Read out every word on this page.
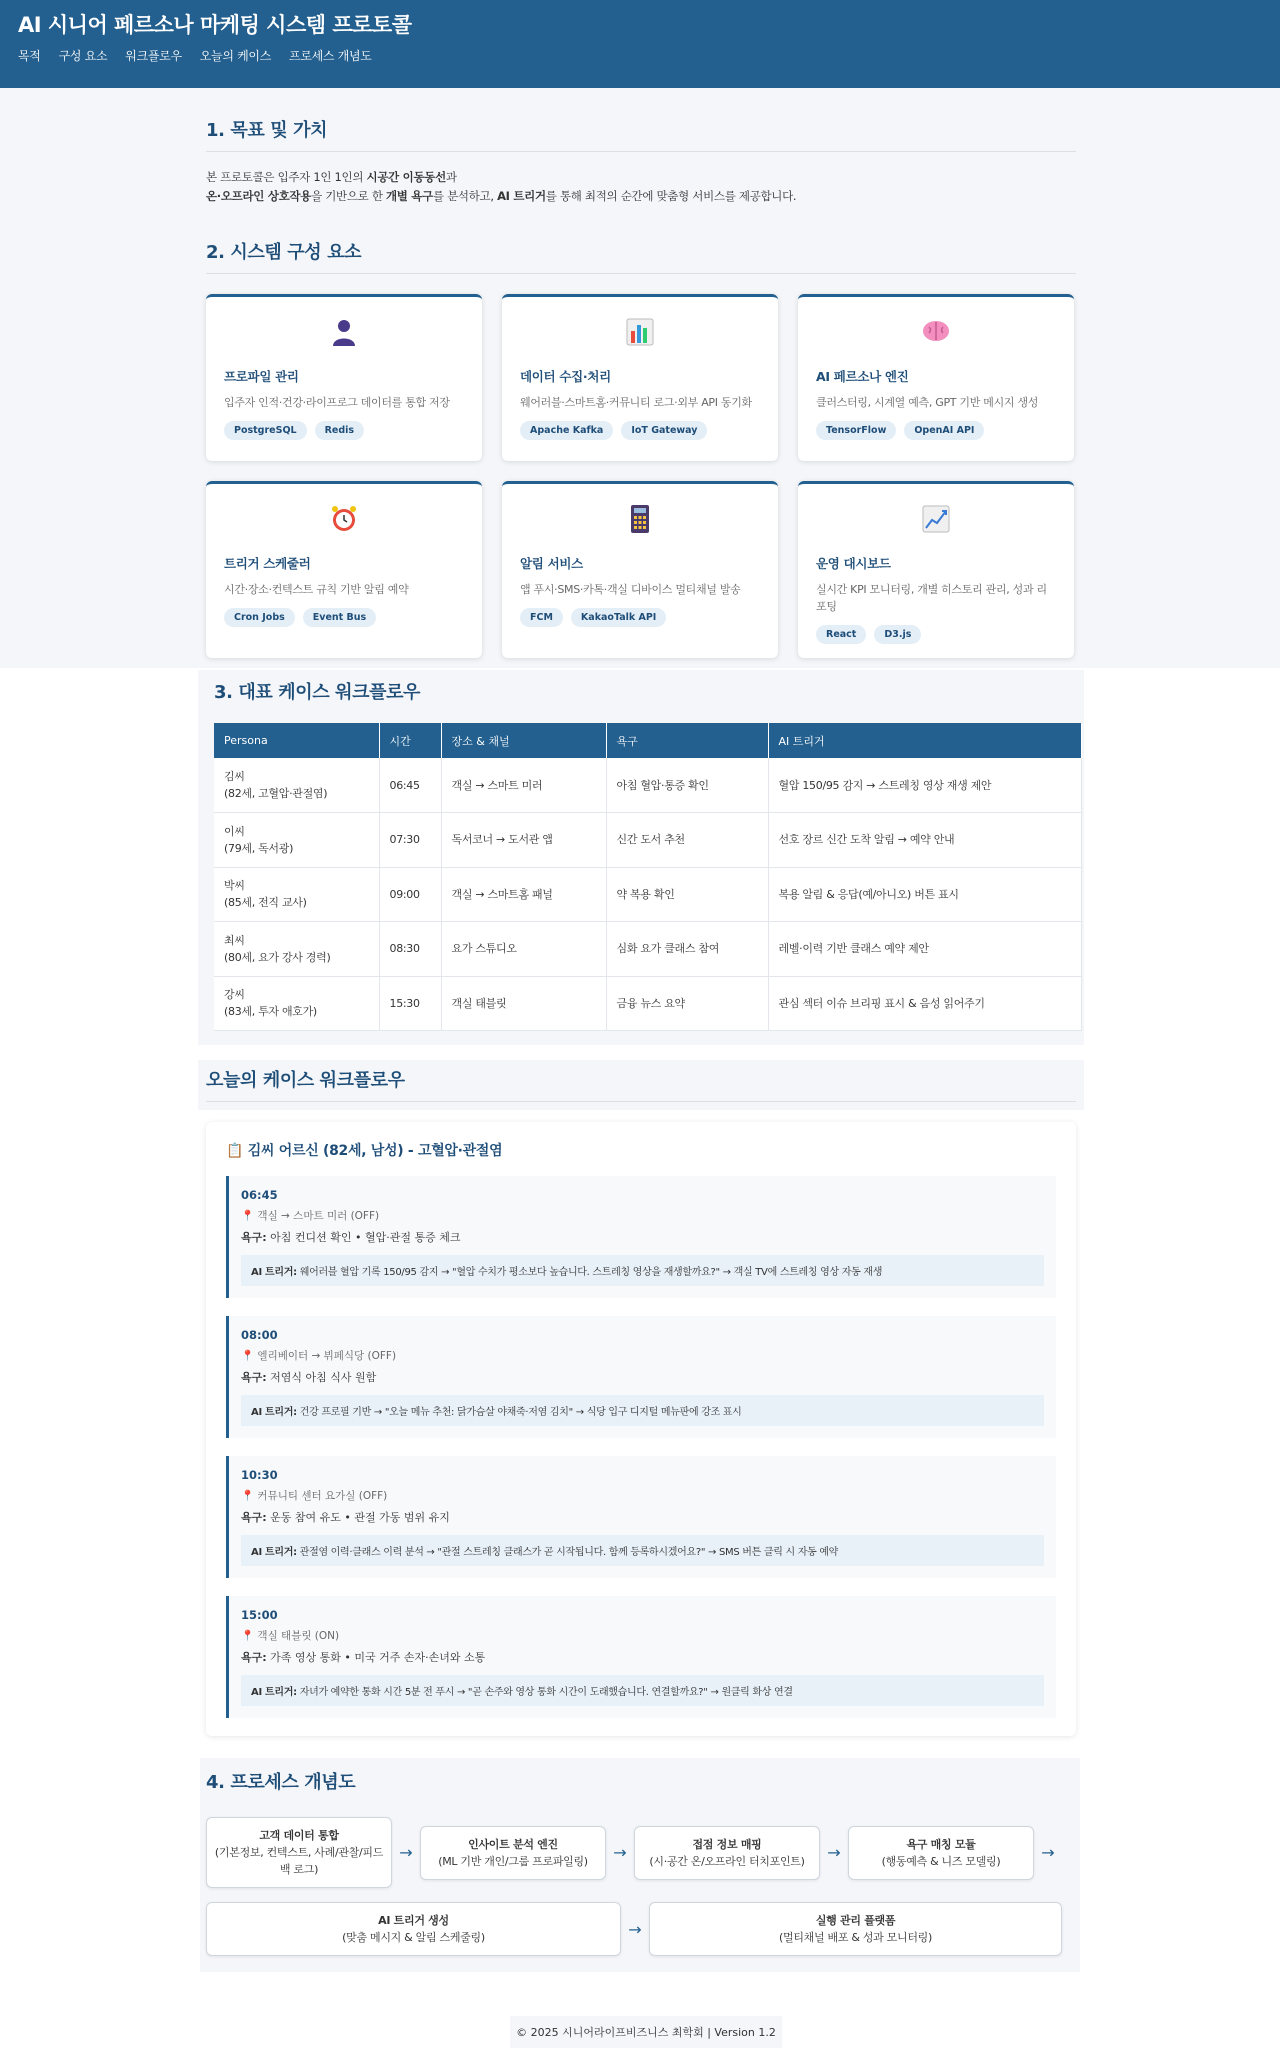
AI 시니어 페르소나 마케팅 시스템 프로토콜
목적 구성 요소 워크플로우 오늘의 케이스 프로세스 개념도
1. 목표 및 가치

본 프로토콜은 입주자 1인 1인의 시공간 이동동선과
온·오프라인 상호작용을 기반으로 한 개별 욕구를 분석하고, AI 트리거를 통해 최적의 순간에 맞춤형 서비스를 제공합니다.

2. 시스템 구성 요소
프로파일 관리
입주자 인적·건강·라이프로그 데이터를 통합 저장
PostgreSQL	Redis
데이터 수집·처리
웨어러블·스마트홈·커뮤니티 로그·외부 API 동기화
Apache Kafka	IoT Gateway
AI 페르소나 엔진
클러스터링, 시계열 예측, GPT 기반 메시지 생성
TensorFlow	OpenAI API
트리거 스케줄러
시간·장소·컨텍스트 규칙 기반 알림 예약
Cron Jobs	Event Bus
알림 서비스
앱 푸시·SMS·카톡·객실 디바이스 멀티채널 발송
FCM	KakaoTalk API
운영 대시보드
실시간 KPI 모니터링, 개별 히스토리 관리, 성과 리포팅
React	D3.js
3. 대표 케이스 워크플로우
Persona	시간	장소 & 채널	욕구	AI 트리거
김씨
(82세, 고혈압·관절염)	06:45	객실 → 스마트 미러	아침 혈압·통증 확인	혈압 150/95 감지 → 스트레칭 영상 재생 제안
이씨
(79세, 독서광)	07:30	독서코너 → 도서관 앱	신간 도서 추천	선호 장르 신간 도착 알림 → 예약 안내
박씨
(85세, 전직 교사)	09:00	객실 → 스마트홈 패널	약 복용 확인	복용 알림 & 응답(예/아니오) 버튼 표시
최씨
(80세, 요가 강사 경력)	08:30	요가 스튜디오	심화 요가 클래스 참여	레벨·이력 기반 클래스 예약 제안
강씨
(83세, 투자 애호가)	15:30	객실 태블릿	금융 뉴스 요약	관심 섹터 이슈 브리핑 표시 & 음성 읽어주기
오늘의 케이스 워크플로우
📋 김씨 어르신 (82세, 남성) - 고혈압·관절염
06:45
📍 객실 → 스마트 미러 (OFF)
욕구: 아침 컨디션 확인 • 혈압·관절 통증 체크
AI 트리거: 웨어러블 혈압 기록 150/95 감지 → "혈압 수치가 평소보다 높습니다. 스트레칭 영상을 재생할까요?" → 객실 TV에 스트레칭 영상 자동 재생
08:00
📍 엘리베이터 → 뷔페식당 (OFF)
욕구: 저염식 아침 식사 원함
AI 트리거: 건강 프로필 기반 → "오늘 메뉴 추천: 닭가슴살 야채죽·저염 김치" → 식당 입구 디지털 메뉴판에 강조 표시
10:30
📍 커뮤니티 센터 요가실 (OFF)
욕구: 운동 참여 유도 • 관절 가동 범위 유지
AI 트리거: 관절염 이력·클래스 이력 분석 → "관절 스트레칭 클래스가 곧 시작됩니다. 함께 등록하시겠어요?" → SMS 버튼 클릭 시 자동 예약
15:00
📍 객실 태블릿 (ON)
욕구: 가족 영상 통화 • 미국 거주 손자·손녀와 소통
AI 트리거: 자녀가 예약한 통화 시간 5분 전 푸시 → "곧 손주와 영상 통화 시간이 도래했습니다. 연결할까요?" → 원클릭 화상 연결
4. 프로세스 개념도
고객 데이터 통합
(기본정보, 컨텍스트, 사례/관찰/피드백 로그)
→	인사이트 분석 엔진
(ML 기반 개인/그룹 프로파일링)	→	접점 정보 매핑
(시·공간 온/오프라인 터치포인트)	→	욕구 매칭 모듈
(행동예측 & 니즈 모델링)	→
AI 트리거 생성
(맞춤 메시지 & 알림 스케줄링)	→	실행 관리 플랫폼
(멀티채널 배포 & 성과 모니터링)
© 2025 시니어라이프비즈니스 최학회 | Version 1.2
